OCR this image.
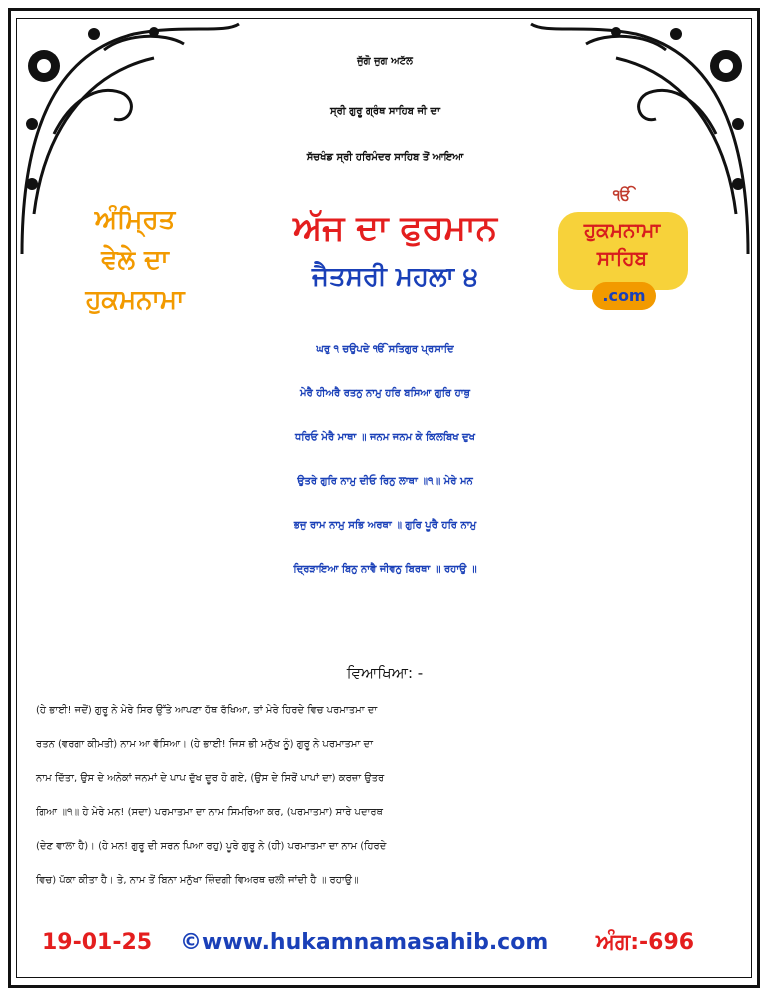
ਜੁੱਗੋ ਜੁਗ ਅਟੱਲ
ਸ੍ਰੀ ਗੁਰੂ ਗ੍ਰੰਥ ਸਾਹਿਬ ਜੀ ਦਾ
ਸੱਚਖੰਡ ਸ੍ਰੀ ਹਰਿਮੰਦਰ ਸਾਹਿਬ ਤੋਂ ਆਇਆ
ਅੰਮ੍ਰਿਤ
ਵੇਲੇ ਦਾ
ਹੁਕਮਨਾਮਾ
ਅੱਜ ਦਾ ਫੁਰਮਾਨ
ਜੈਤਸਰੀ ਮਹਲਾ ੪
ੴ
ਹੁਕਮਨਾਮਾ
ਸਾਹਿਬ
.com
ਘਰੁ ੧ ਚਉਪਦੇ ੴ ਸਤਿਗੁਰ ਪ੍ਰਸਾਦਿ
ਮੇਰੈ ਹੀਅਰੈ ਰਤਨੁ ਨਾਮੁ ਹਰਿ ਬਸਿਆ ਗੁਰਿ ਹਾਥੁ
ਧਰਿਓ ਮੇਰੈ ਮਾਥਾ ॥ ਜਨਮ ਜਨਮ ਕੇ ਕਿਲਬਿਖ ਦੁਖ
ਉਤਰੇ ਗੁਰਿ ਨਾਮੁ ਦੀਓ ਰਿਨੁ ਲਾਥਾ ॥੧॥ ਮੇਰੇ ਮਨ
ਭਜੁ ਰਾਮ ਨਾਮੁ ਸਭਿ ਅਰਥਾ ॥ ਗੁਰਿ ਪੂਰੈ ਹਰਿ ਨਾਮੁ
ਦ੍ਰਿੜਾਇਆ ਬਿਨੁ ਨਾਵੈ ਜੀਵਨੁ ਬਿਰਥਾ ॥ ਰਹਾਉ ॥
ਵਿਆਖਿਆ: -
(ਹੇ ਭਾਈ! ਜਦੋਂ) ਗੁਰੂ ਨੇ ਮੇਰੇ ਸਿਰ ਉੱਤੇ ਆਪਣਾ ਹੱਥ ਰੱਖਿਆ, ਤਾਂ ਮੇਰੇ ਹਿਰਦੇ ਵਿਚ ਪਰਮਾਤਮਾ ਦਾ
ਰਤਨ (ਵਰਗਾ ਕੀਮਤੀ) ਨਾਮ ਆ ਵੱਸਿਆ। (ਹੇ ਭਾਈ! ਜਿਸ ਭੀ ਮਨੁੱਖ ਨੂੰ) ਗੁਰੂ ਨੇ ਪਰਮਾਤਮਾ ਦਾ
ਨਾਮ ਦਿੱਤਾ, ਉਸ ਦੇ ਅਨੇਕਾਂ ਜਨਮਾਂ ਦੇ ਪਾਪ ਦੁੱਖ ਦੂਰ ਹੋ ਗਏ, (ਉਸ ਦੇ ਸਿਰੋਂ ਪਾਪਾਂ ਦਾ) ਕਰਜ਼ਾ ਉਤਰ
ਗਿਆ ॥੧॥ ਹੇ ਮੇਰੇ ਮਨ! (ਸਦਾ) ਪਰਮਾਤਮਾ ਦਾ ਨਾਮ ਸਿਮਰਿਆ ਕਰ, (ਪਰਮਾਤਮਾ) ਸਾਰੇ ਪਦਾਰਥ
(ਦੇਣ ਵਾਲਾ ਹੈ)। (ਹੇ ਮਨ! ਗੁਰੂ ਦੀ ਸਰਨ ਪਿਆ ਰਹੁ) ਪੂਰੇ ਗੁਰੂ ਨੇ (ਹੀ) ਪਰਮਾਤਮਾ ਦਾ ਨਾਮ (ਹਿਰਦੇ
ਵਿਚ) ਪੱਕਾ ਕੀਤਾ ਹੈ। ਤੇ, ਨਾਮ ਤੋਂ ਬਿਨਾ ਮਨੁੱਖਾ ਜ਼ਿੰਦਗੀ ਵਿਅਰਥ ਚਲੀ ਜਾਂਦੀ ਹੈ ॥ ਰਹਾਉ॥
19-01-25 ©www.hukamnamasahib.com ਅੰਗ:-696
